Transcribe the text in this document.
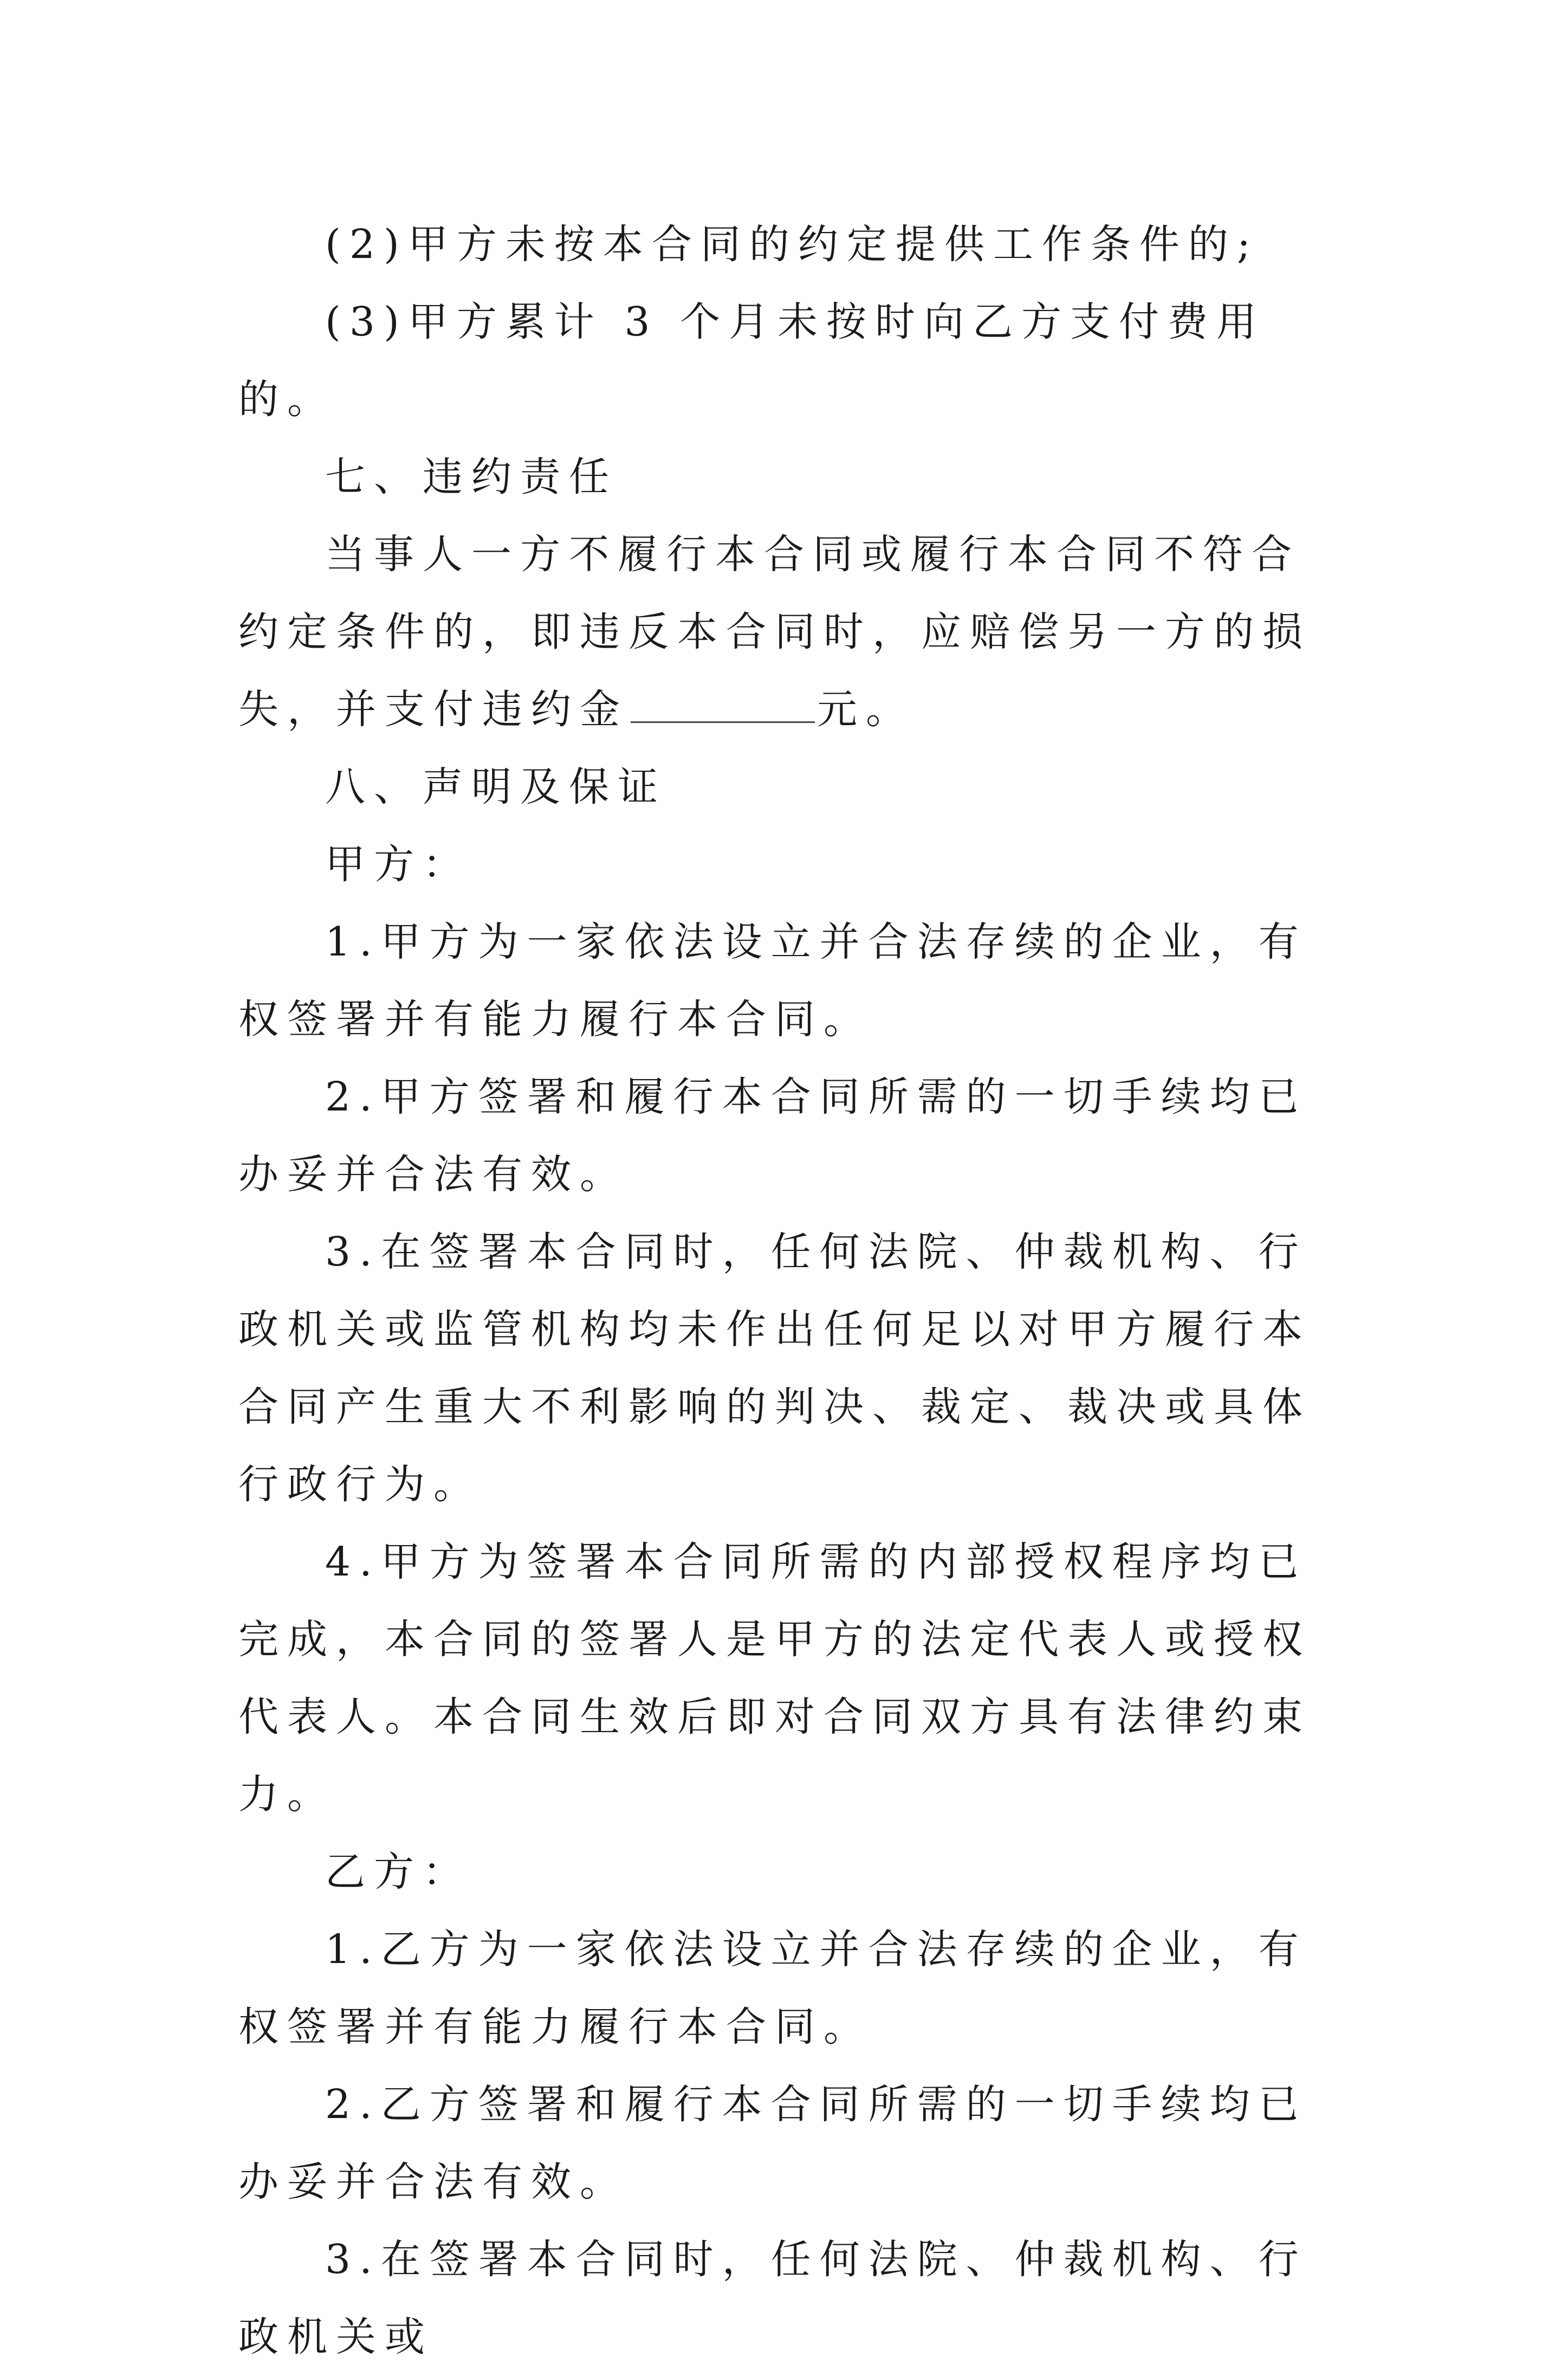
(2)甲方未按本合同的约定提供工作条件的;

(3)甲方累计 3 个月未按时向乙方支付费用的。

七、违约责任

当事人一方不履行本合同或履行本合同不符合约定条件的，即违反本合同时，应赔偿另一方的损失，并支付违约金	元。

八、声明及保证

甲方：

1.甲方为一家依法设立并合法存续的企业，有权签署并有能力履行本合同。

2.甲方签署和履行本合同所需的一切手续均已办妥并合法有效。

3.在签署本合同时，任何法院、仲裁机构、行政机关或监管机构均未作出任何足以对甲方履行本合同产生重大不利影响的判决、裁定、裁决或具体行政行为。

4.甲方为签署本合同所需的内部授权程序均已完成，本合同的签署人是甲方的法定代表人或授权代表人。本合同生效后即对合同双方具有法律约束力。

乙方：

1.乙方为一家依法设立并合法存续的企业，有权签署并有能力履行本合同。

2.乙方签署和履行本合同所需的一切手续均已办妥并合法有效。

3.在签署本合同时，任何法院、仲裁机构、行政机关或
